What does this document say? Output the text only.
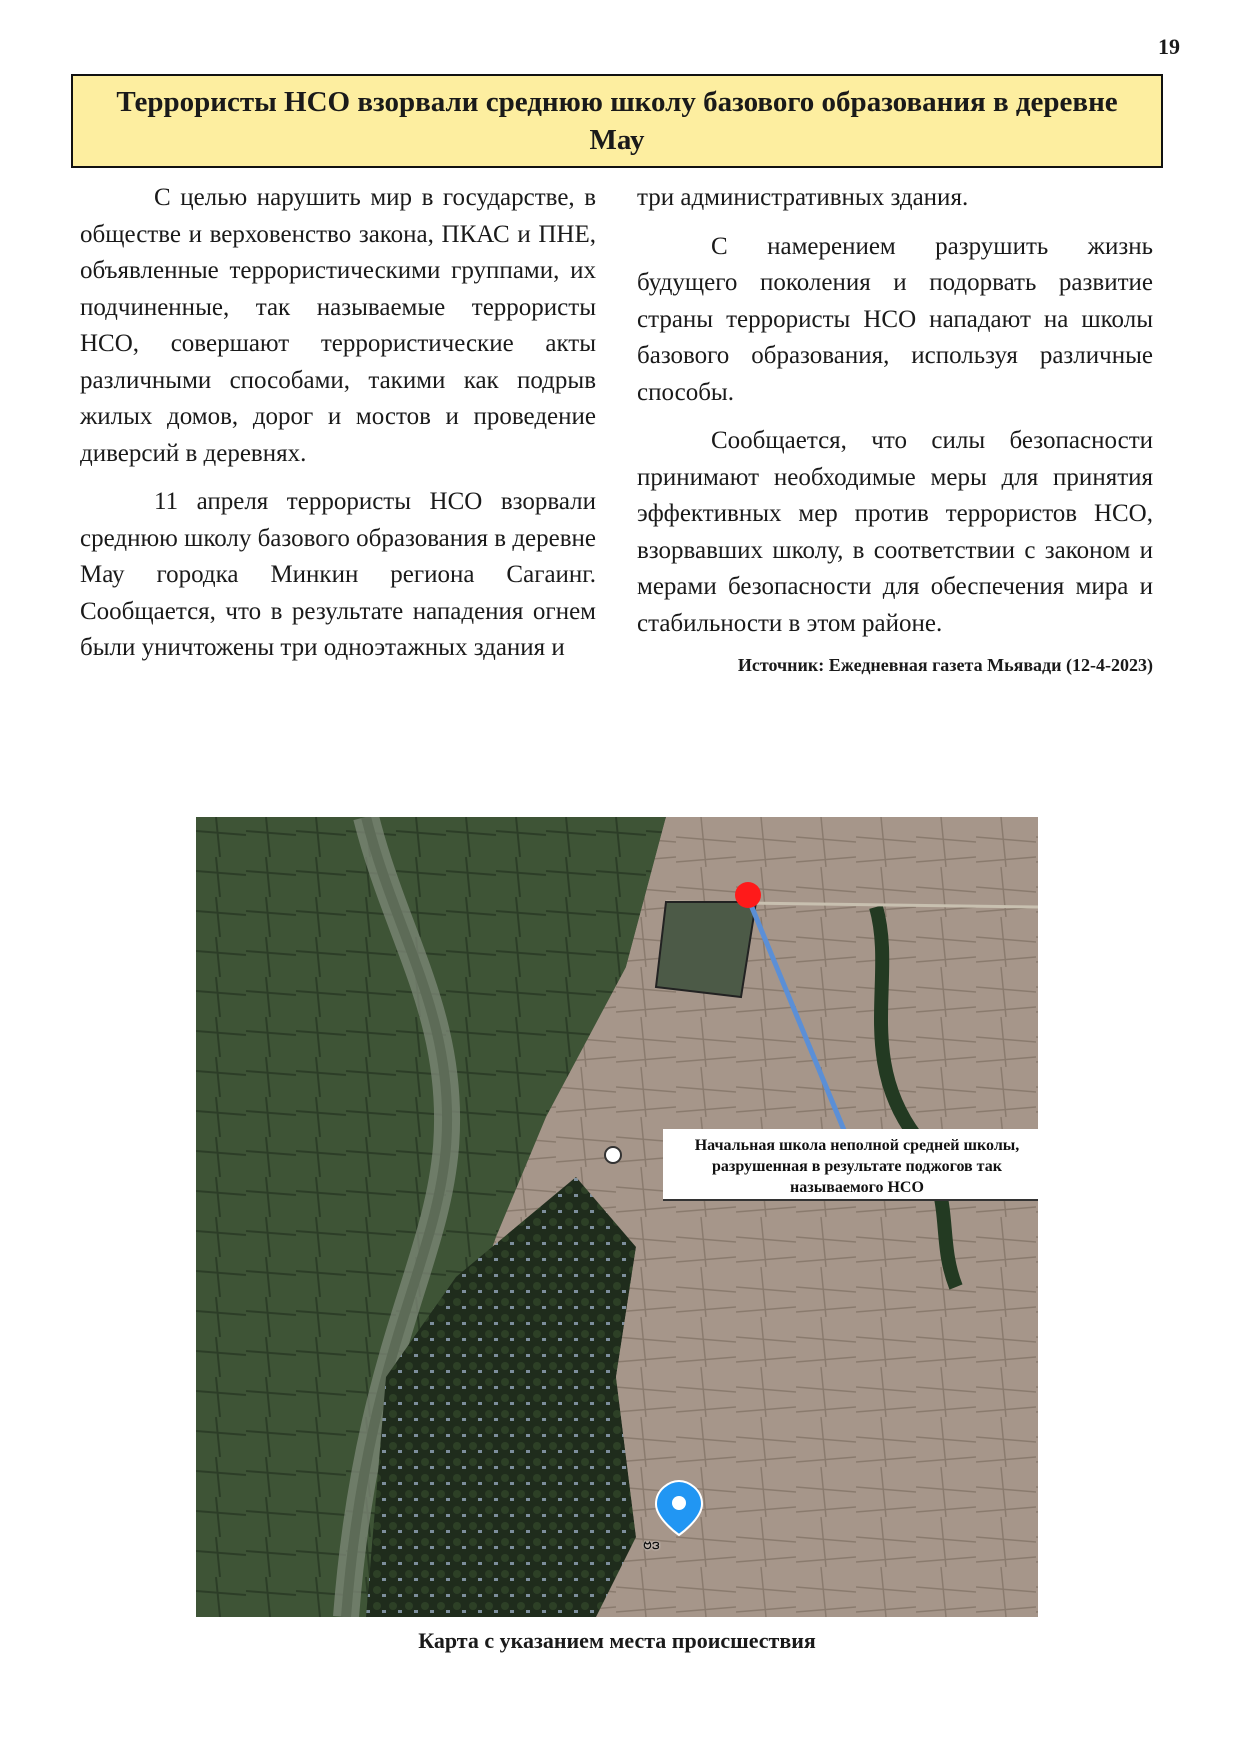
19
Террористы НСО взорвали среднюю школу базового образования в деревне Мау

С целью нарушить мир в государстве, в обществе и верховенство закона, ПКАС и ПНЕ, объявленные террористическими группами, их подчиненные, так называемые террористы НСО, совершают террористические акты различными способами, такими как подрыв жилых домов, дорог и мостов и проведение диверсий в деревнях.

11 апреля террористы НСО взорвали среднюю школу базового образования в деревне Мау городка Минкин региона Сагаинг. Сообщается, что в результате нападения огнем были уничтожены три одноэтажных здания и

три административных здания.

С намерением разрушить жизнь будущего поколения и подорвать развитие страны террористы НСО нападают на школы базового образования, используя различные способы.

Сообщается, что силы безопасности принимают необходимые меры для принятия эффективных мер против террористов НСО, взорвавших школу, в соответствии с законом и мерами безопасности для обеспечения мира и стабильности в этом районе.

Источник: Ежедневная газета Мьявади (12-4-2023)

Начальная школа неполной средней школы, разрушенная в результате поджогов так называемого НСО
ဗဒ
Карта с указанием места происшествия
